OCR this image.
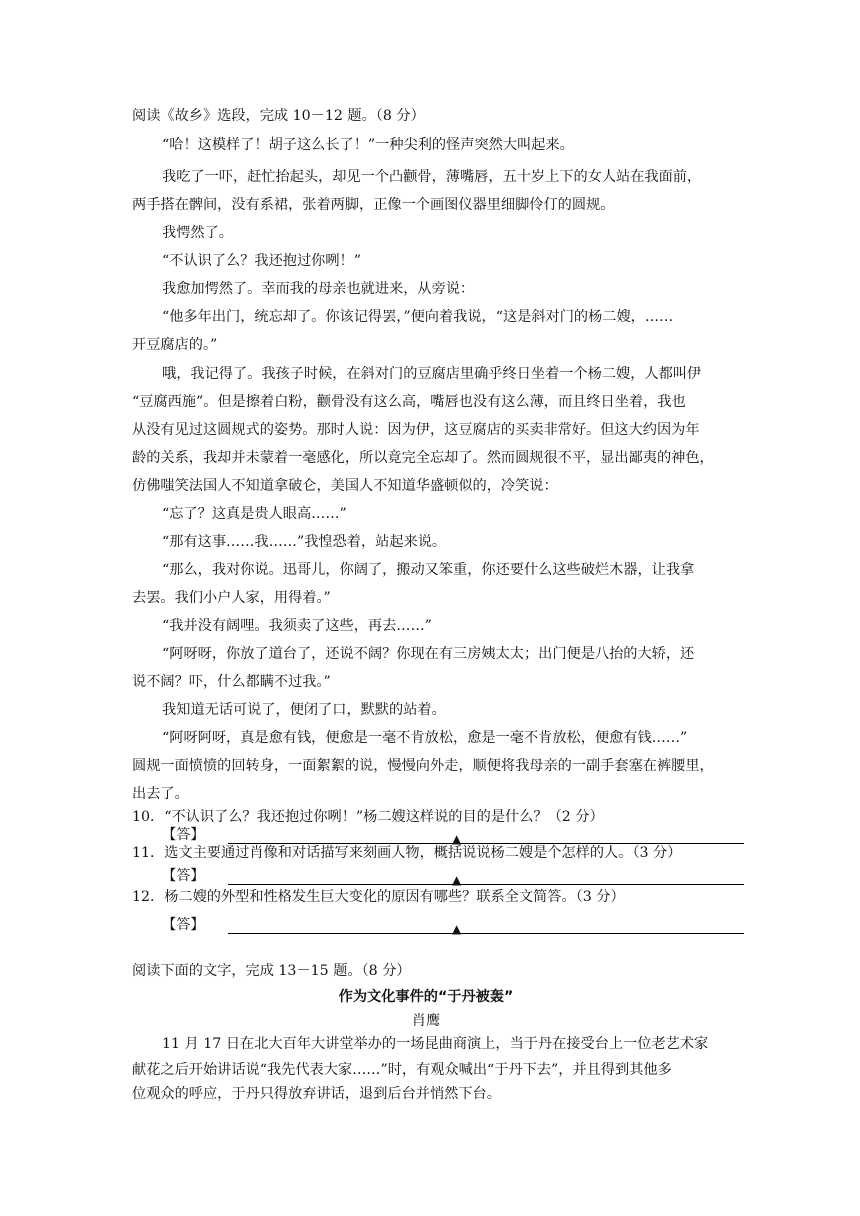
阅读《故乡》选段，完成 10－12 题。（8 分）
“哈！这模样了！胡子这么长了！”一种尖利的怪声突然大叫起来。
我吃了一吓，赶忙抬起头，却见一个凸颧骨，薄嘴唇，五十岁上下的女人站在我面前，
两手搭在髀间，没有系裙，张着两脚，正像一个画图仪器里细脚伶仃的圆规。
我愕然了。
“不认识了么？我还抱过你咧！”
我愈加愕然了。幸而我的母亲也就进来，从旁说：
“他多年出门，统忘却了。你该记得罢，”便向着我说，“这是斜对门的杨二嫂，……
开豆腐店的。”
哦，我记得了。我孩子时候，在斜对门的豆腐店里确乎终日坐着一个杨二嫂，人都叫伊
“豆腐西施”。但是擦着白粉，颧骨没有这么高，嘴唇也没有这么薄，而且终日坐着，我也
从没有见过这圆规式的姿势。那时人说：因为伊，这豆腐店的买卖非常好。但这大约因为年
龄的关系，我却并未蒙着一毫感化，所以竟完全忘却了。然而圆规很不平，显出鄙夷的神色，
仿佛嗤笑法国人不知道拿破仑，美国人不知道华盛顿似的，冷笑说：
“忘了？这真是贵人眼高……”
“那有这事……我……”我惶恐着，站起来说。
“那么，我对你说。迅哥儿，你阔了，搬动又笨重，你还要什么这些破烂木器，让我拿
去罢。我们小户人家，用得着。”
“我并没有阔哩。我须卖了这些，再去……”
“阿呀呀，你放了道台了，还说不阔？你现在有三房姨太太；出门便是八抬的大轿，还
说不阔？吓，什么都瞒不过我。”
我知道无话可说了，便闭了口，默默的站着。
“阿呀阿呀，真是愈有钱，便愈是一毫不肯放松，愈是一毫不肯放松，便愈有钱……”
圆规一面愤愤的回转身，一面絮絮的说，慢慢向外走，顺便将我母亲的一副手套塞在裤腰里，
出去了。
10．“不认识了么？我还抱过你咧！”杨二嫂这样说的目的是什么？（2 分）
【答】	▲
11．选文主要通过肖像和对话描写来刻画人物，概括说说杨二嫂是个怎样的人。（3 分）
【答】	▲
12．杨二嫂的外型和性格发生巨大变化的原因有哪些？联系全文简答。（3 分）
【答】	▲
阅读下面的文字，完成 13－15 题。（8 分）
作为文化事件的“于丹被轰”
肖鹰
11 月 17 日在北大百年大讲堂举办的一场昆曲商演上，当于丹在接受台上一位老艺术家
献花之后开始讲话说“我先代表大家……”时，有观众喊出“于丹下去”，并且得到其他多
位观众的呼应，于丹只得放弃讲话，退到后台并悄然下台。
